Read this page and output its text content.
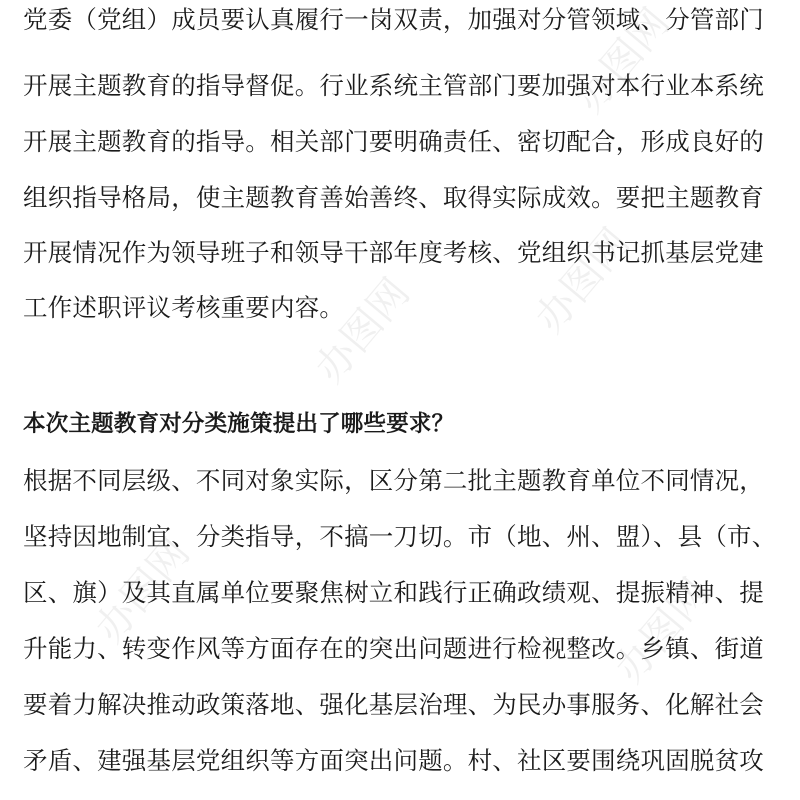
办图网
办图网	办图网
办图网	办图网
党委（党组）成员要认真履行一岗双责，加强对分管领域、分管部门
开展主题教育的指导督促。行业系统主管部门要加强对本行业本系统
开展主题教育的指导。相关部门要明确责任、密切配合，形成良好的
组织指导格局，使主题教育善始善终、取得实际成效。要把主题教育
开展情况作为领导班子和领导干部年度考核、党组织书记抓基层党建
工作述职评议考核重要内容。
本次主题教育对分类施策提出了哪些要求？
根据不同层级、不同对象实际，区分第二批主题教育单位不同情况，
坚持因地制宜、分类指导，不搞一刀切。市（地、州、盟）、县（市、
区、旗）及其直属单位要聚焦树立和践行正确政绩观、提振精神、提
升能力、转变作风等方面存在的突出问题进行检视整改。乡镇、街道
要着力解决推动政策落地、强化基层治理、为民办事服务、化解社会
矛盾、建强基层党组织等方面突出问题。村、社区要围绕巩固脱贫攻
